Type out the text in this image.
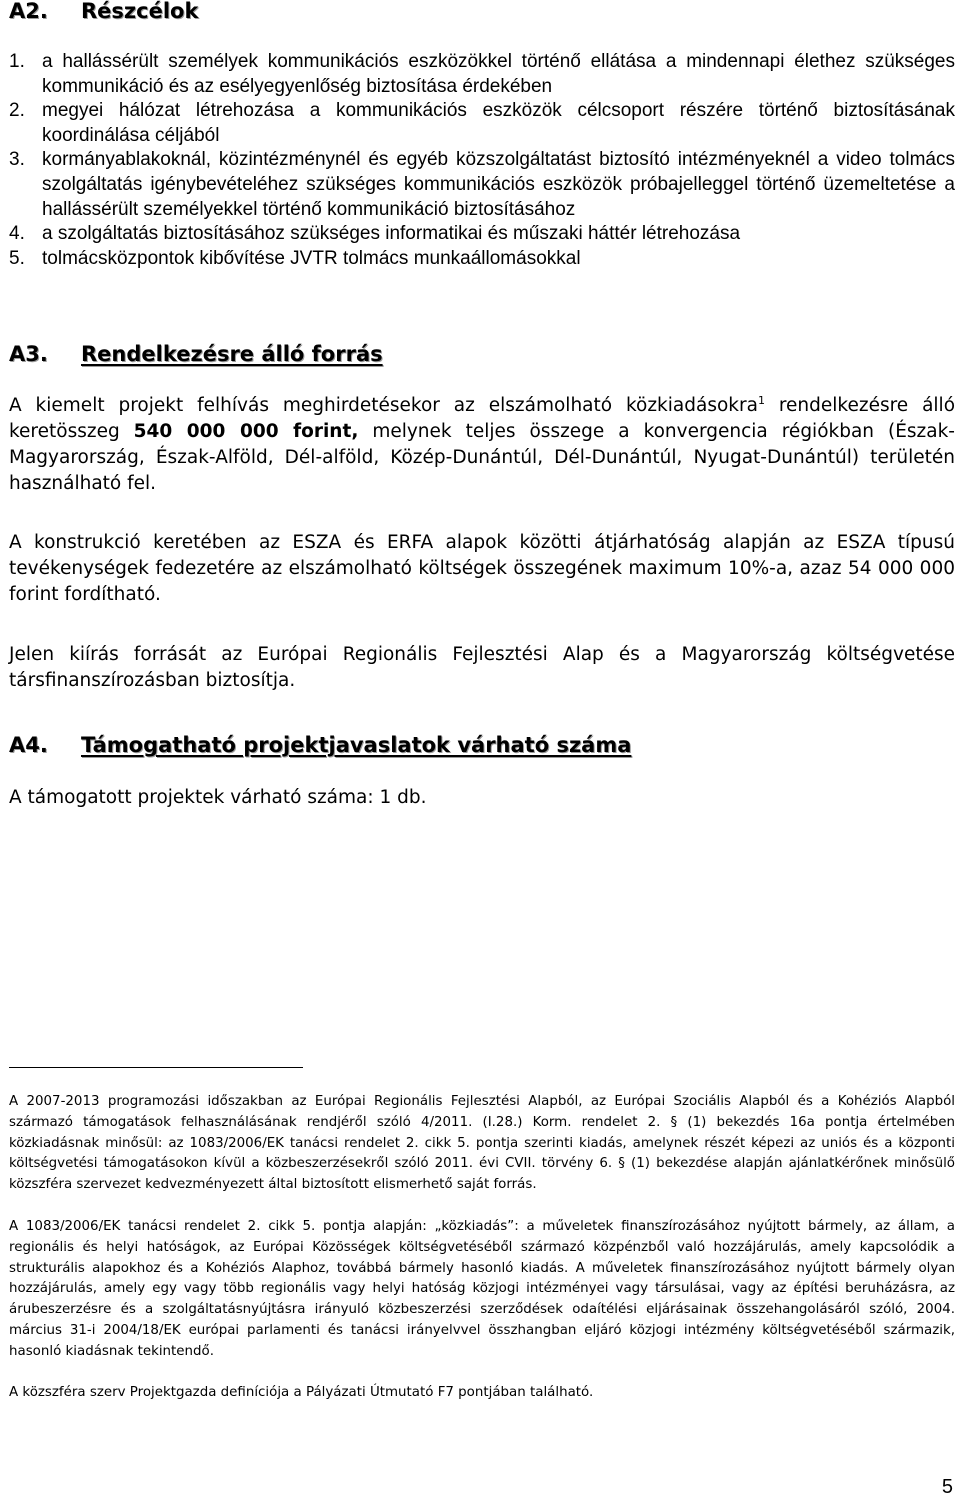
A2. Részcélok
1. a hallássérült személyek kommunikációs eszközökkel történő ellátása a mindennapi élethez szükséges kommunikáció és az esélyegyenlőség biztosítása érdekében
2. megyei hálózat létrehozása a kommunikációs eszközök célcsoport részére történő biztosításának koordinálása céljából
3. kormányablakoknál, közintézménynél és egyéb közszolgáltatást biztosító intézményeknél a video tolmács szolgáltatás igénybevételéhez szükséges kommunikációs eszközök próbajelleggel történő üzemeltetése a hallássérült személyekkel történő kommunikáció biztosításához
4. a szolgáltatás biztosításához szükséges informatikai és műszaki háttér létrehozása
5. tolmácsközpontok kibővítése JVTR tolmács munkaállomásokkal
A3. Rendelkezésre álló forrás
A kiemelt projekt felhívás meghirdetésekor az elszámolható közkiadásokra$^1$ rendelkezésre álló keretösszeg 540 000 000 forint, melynek teljes összege a konvergencia régiókban (Észak-Magyarország, Észak-Alföld, Dél-alföld, Közép-Dunántúl, Dél-Dunántúl, Nyugat-Dunántúl) területén használható fel.
A konstrukció keretében az ESZA és ERFA alapok közötti átjárhatóság alapján az ESZA típusú tevékenységek fedezetére az elszámolható költségek összegének maximum 10%-a, azaz 54 000 000 forint fordítható.
Jelen kiírás forrását az Európai Regionális Fejlesztési Alap és a Magyarország költségvetése társfinanszírozásban biztosítja.
A4. Támogatható projektjavaslatok várható száma
A támogatott projektek várható száma: 1 db.
A 2007-2013 programozási időszakban az Európai Regionális Fejlesztési Alapból, az Európai Szociális Alapból és a Kohéziós Alapból származó támogatások felhasználásának rendjéről szóló 4/2011. (I.28.) Korm. rendelet 2. § (1) bekezdés 16a pontja értelmében közkiadásnak minősül: az 1083/2006/EK tanácsi rendelet 2. cikk 5. pontja szerinti kiadás, amelynek részét képezi az uniós és a központi költségvetési támogatásokon kívül a közbeszerzésekről szóló 2011. évi CVII. törvény 6. § (1) bekezdése alapján ajánlatkérőnek minősülő közszféra szervezet kedvezményezett által biztosított elismerhető saját forrás.
A 1083/2006/EK tanácsi rendelet 2. cikk 5. pontja alapján: „közkiadás”: a műveletek finanszírozásához nyújtott bármely, az állam, a regionális és helyi hatóságok, az Európai Közösségek költségvetéséből származó közpénzből való hozzájárulás, amely kapcsolódik a strukturális alapokhoz és a Kohéziós Alaphoz, továbbá bármely hasonló kiadás. A műveletek finanszírozásához nyújtott bármely olyan hozzájárulás, amely egy vagy több regionális vagy helyi hatóság közjogi intézményei vagy társulásai, vagy az építési beruházásra, az árubeszerzésre és a szolgáltatásnyújtásra irányuló közbeszerzési szerződések odaítélési eljárásainak összehangolásáról szóló, 2004. március 31-i 2004/18/EK európai parlamenti és tanácsi irányelvvel összhangban eljáró közjogi intézmény költségvetéséből származik, hasonló kiadásnak tekintendő.
A közszféra szerv Projektgazda definíciója a Pályázati Útmutató F7 pontjában található.
5
